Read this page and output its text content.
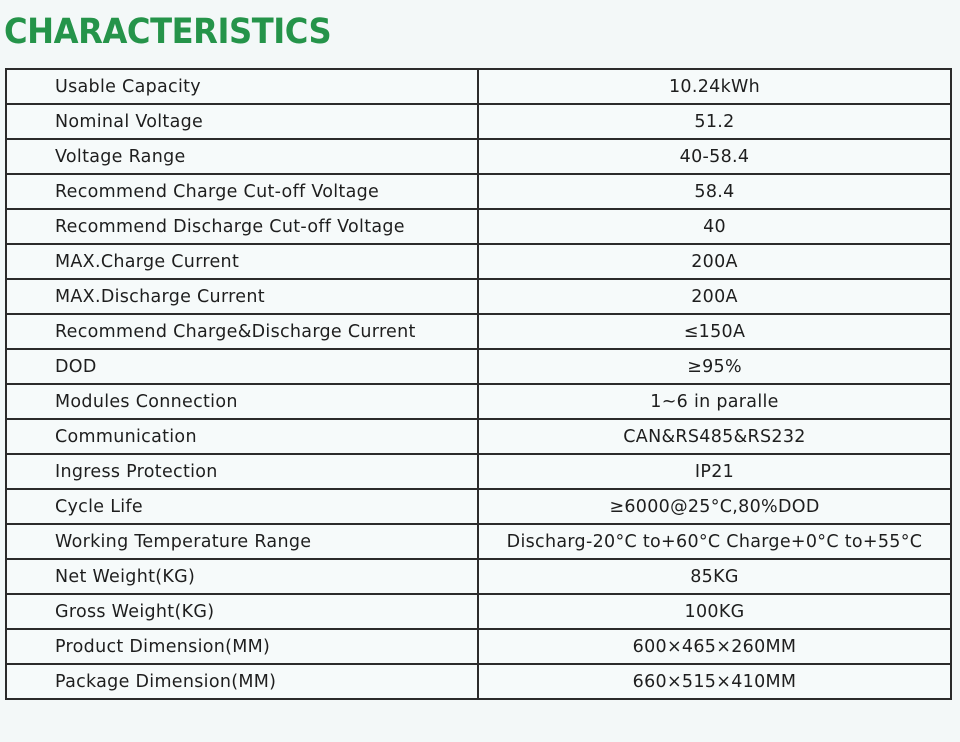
CHARACTERISTICS
Usable Capacity	10.24kWh
Nominal Voltage	51.2
Voltage Range	40-58.4
Recommend Charge Cut-off Voltage	58.4
Recommend Discharge Cut-off Voltage	40
MAX.Charge Current	200A
MAX.Discharge Current	200A
Recommend Charge&Discharge Current	≤150A
DOD	≥95%
Modules Connection	1~6 in paralle
Communication	CAN&RS485&RS232
Ingress Protection	IP21
Cycle Life	≥6000@25°C,80%DOD
Working Temperature Range	Discharg-20°C to+60°C Charge+0°C to+55°C
Net Weight(KG)	85KG
Gross Weight(KG)	100KG
Product Dimension(MM)	600×465×260MM
Package Dimension(MM)	660×515×410MM
